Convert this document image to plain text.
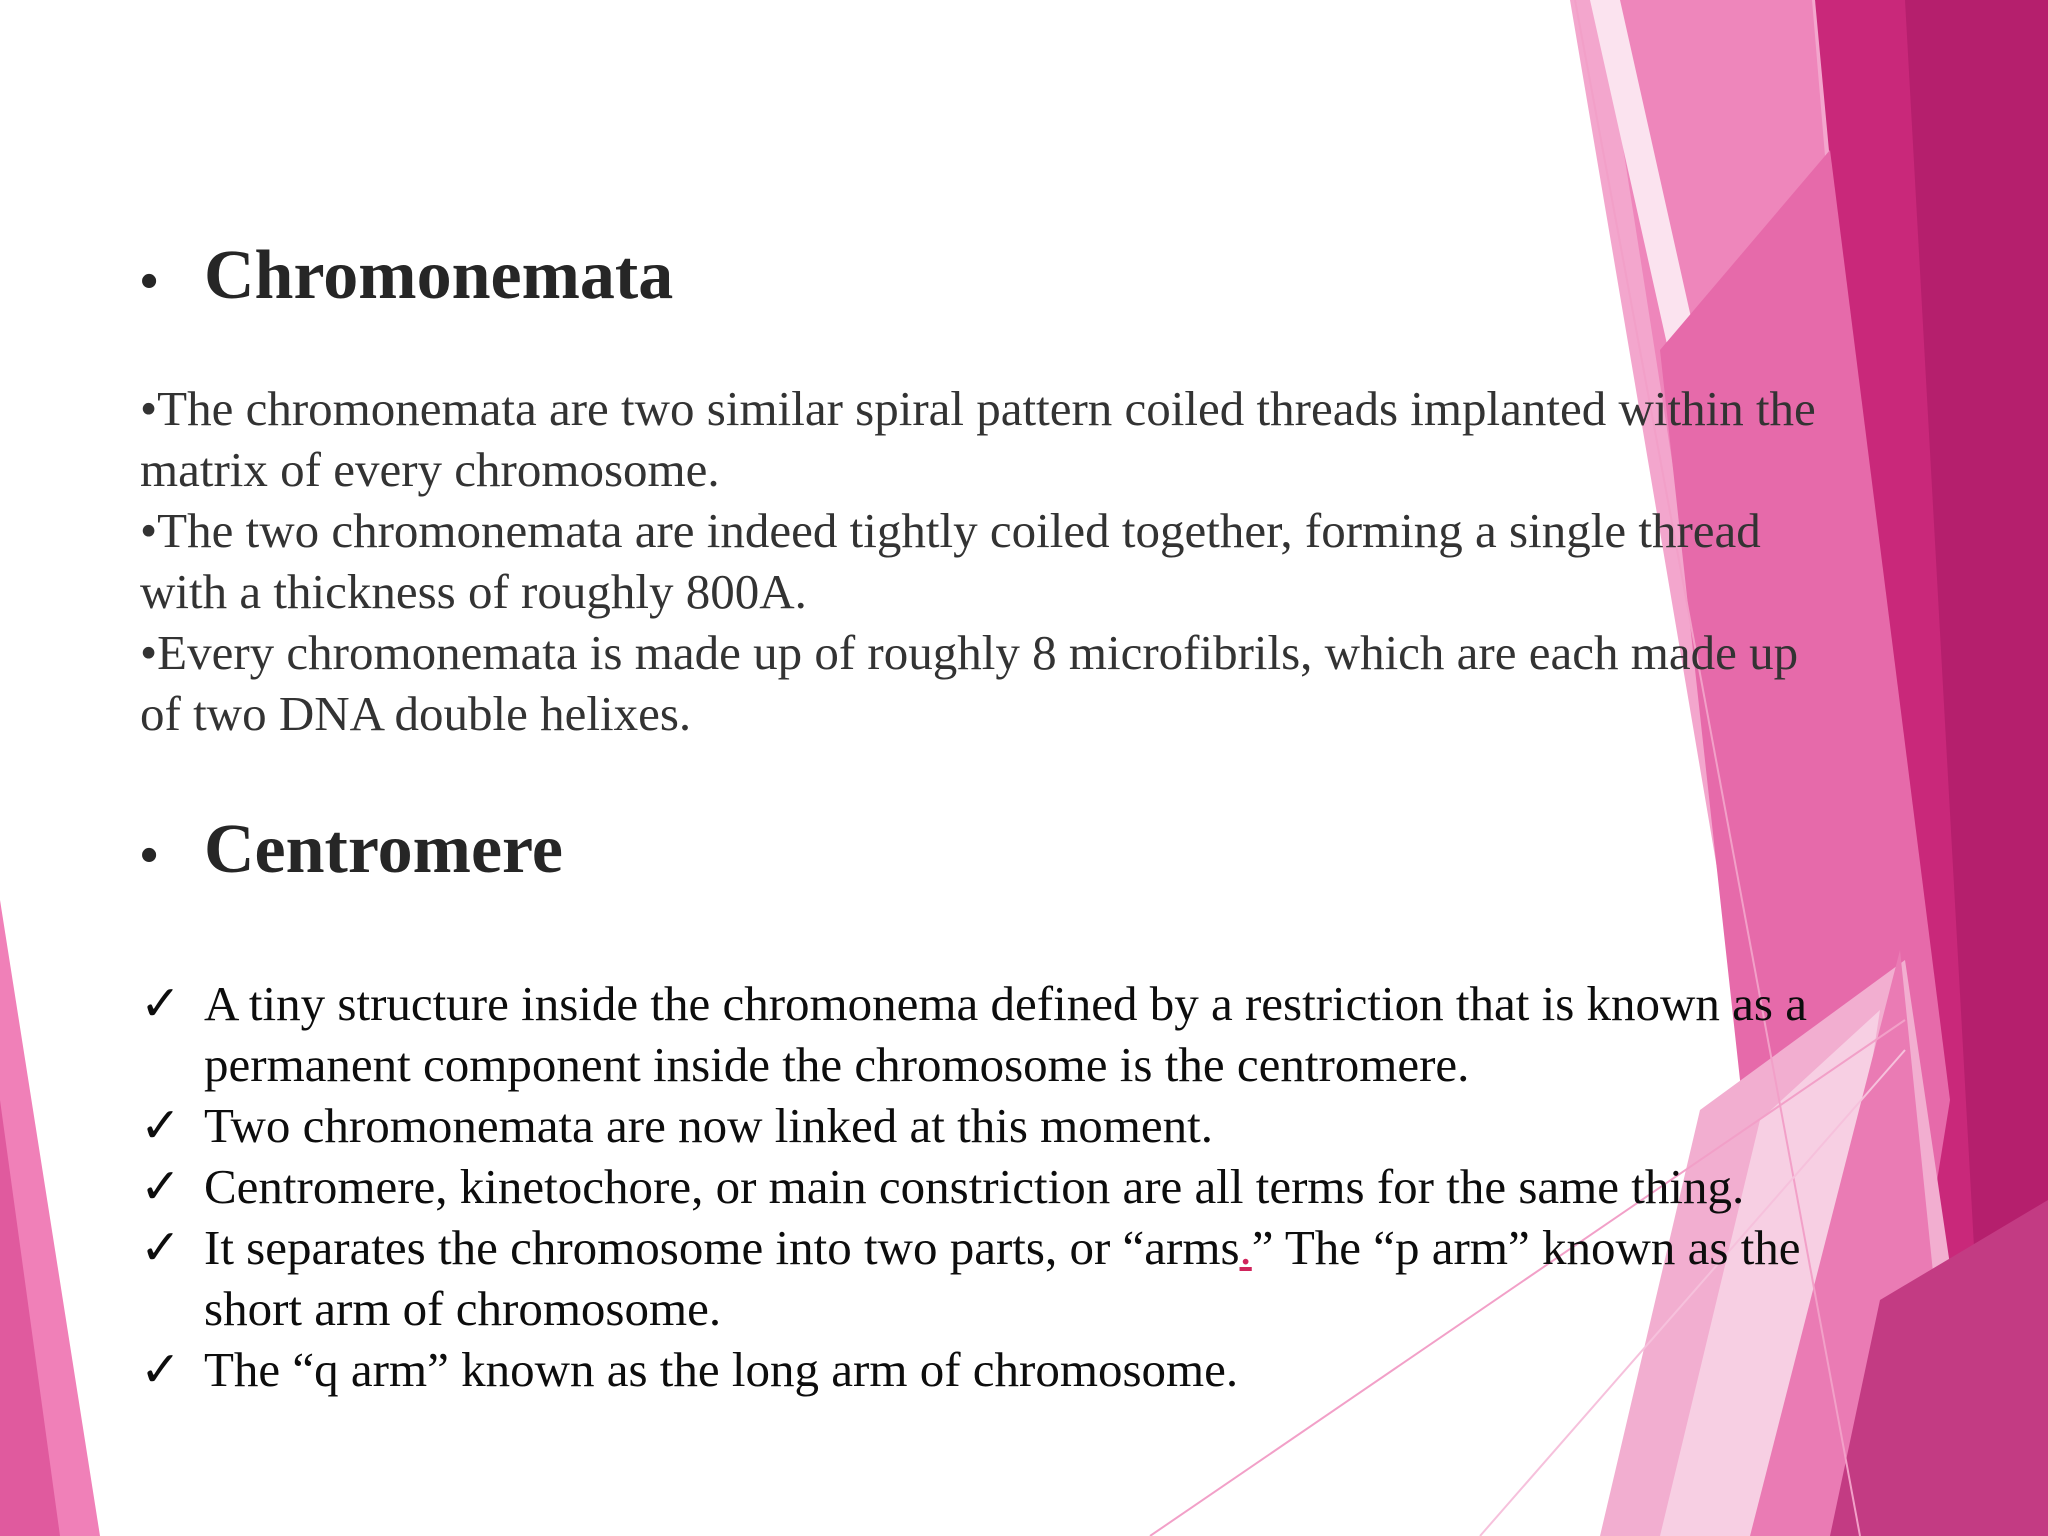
• Chromonemata
•The chromonemata are two similar spiral pattern coiled threads implanted within the
matrix of every chromosome.
•The two chromonemata are indeed tightly coiled together, forming a single thread
with a thickness of roughly 800A.
•Every chromonemata is made up of roughly 8 microfibrils, which are each made up
of two DNA double helixes.
• Centromere
✓ A tiny structure inside the chromonema defined by a restriction that is known as a
permanent component inside the chromosome is the centromere.
✓ Two chromonemata are now linked at this moment.
✓ Centromere, kinetochore, or main constriction are all terms for the same thing.
✓ It separates the chromosome into two parts, or “arms.” The “p arm” known as the
short arm of chromosome.
✓ The “q arm” known as the long arm of chromosome.
